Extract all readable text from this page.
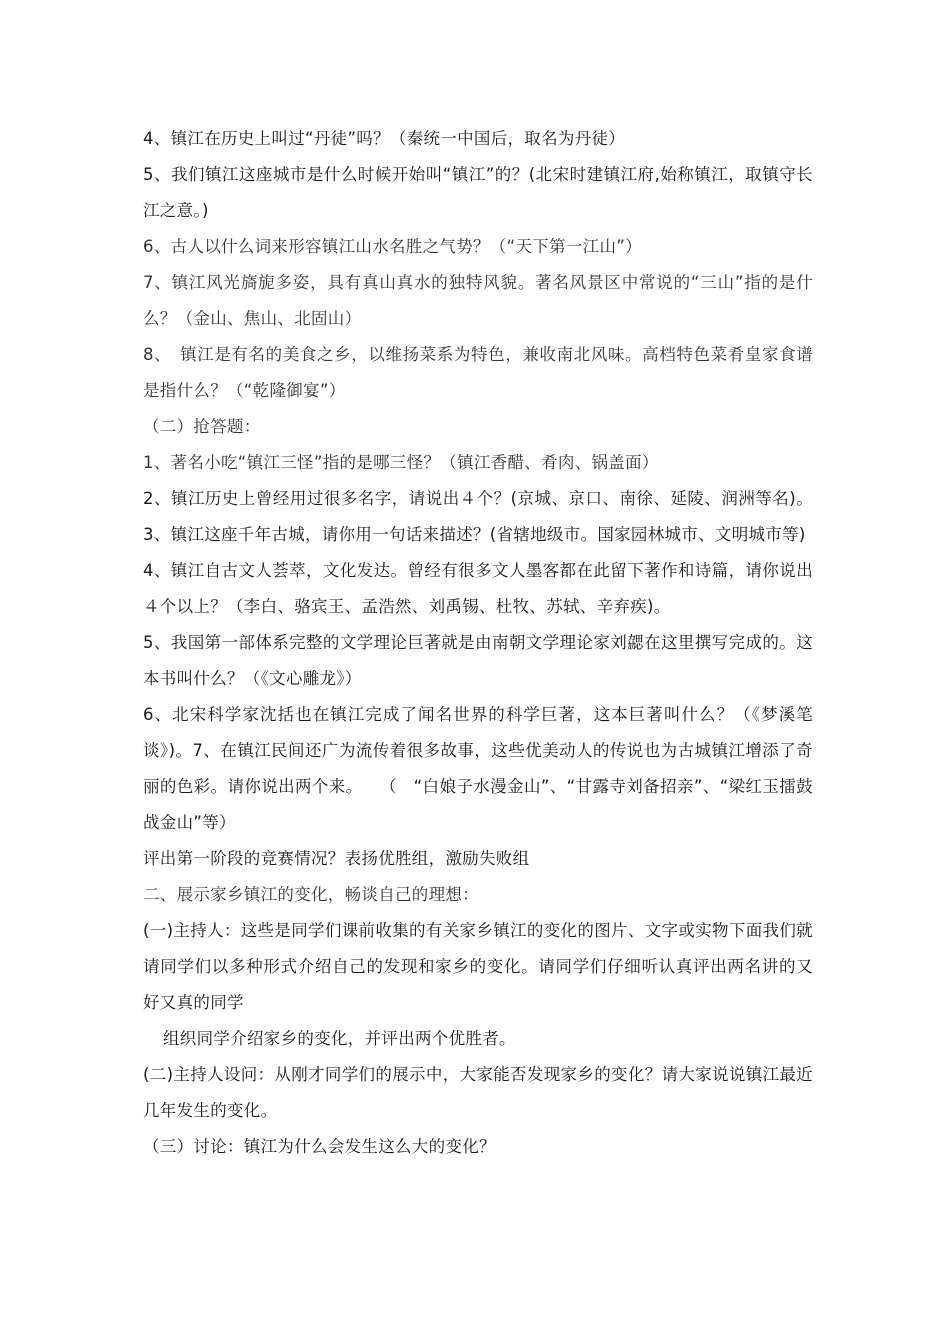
4、镇江在历史上叫过“丹徒”吗？（秦统一中国后，取名为丹徒）

5、我们镇江这座城市是什么时候开始叫“镇江”的？(北宋时建镇江府,始称镇江，取镇守长江之意。)

6、古人以什么词来形容镇江山水名胜之气势？（“天下第一江山”）

7、镇江风光旖旎多姿，具有真山真水的独特风貌。著名风景区中常说的“三山”指的是什么？（金山、焦山、北固山）

8、　镇江是有名的美食之乡，以维扬菜系为特色，兼收南北风味。高档特色菜肴皇家食谱是指什么？（“乾隆御宴”）

（二）抢答题：

1、著名小吃“镇江三怪”指的是哪三怪？（镇江香醋、肴肉、锅盖面）

2、镇江历史上曾经用过很多名字，请说出４个？(京城、京口、南徐、延陵、润洲等名)。3、镇江这座千年古城，请你用一句话来描述？(省辖地级市。国家园林城市、文明城市等)

4、镇江自古文人荟萃，文化发达。曾经有很多文人墨客都在此留下著作和诗篇，请你说出４个以上？（李白、骆宾王、孟浩然、刘禹锡、杜牧、苏轼、辛弃疾)。

5、我国第一部体系完整的文学理论巨著就是由南朝文学理论家刘勰在这里撰写完成的。这本书叫什么？（《文心雕龙》）

6、北宋科学家沈括也在镇江完成了闻名世界的科学巨著，这本巨著叫什么？（《梦溪笔谈》)。7、在镇江民间还广为流传着很多故事，这些优美动人的传说也为古城镇江增添了奇丽的色彩。请你说出两个来。　　（　“白娘子水漫金山”、“甘露寺刘备招亲”、“梁红玉擂鼓战金山”等）

评出第一阶段的竞赛情况？表扬优胜组，激励失败组

二、展示家乡镇江的变化，畅谈自己的理想：

(一)主持人：这些是同学们课前收集的有关家乡镇江的变化的图片、文字或实物下面我们就请同学们以多种形式介绍自己的发现和家乡的变化。请同学们仔细听认真评出两名讲的又好又真的同学

组织同学介绍家乡的变化，并评出两个优胜者。

(二)主持人设问：从刚才同学们的展示中，大家能否发现家乡的变化？请大家说说镇江最近几年发生的变化。

（三）讨论：镇江为什么会发生这么大的变化？
